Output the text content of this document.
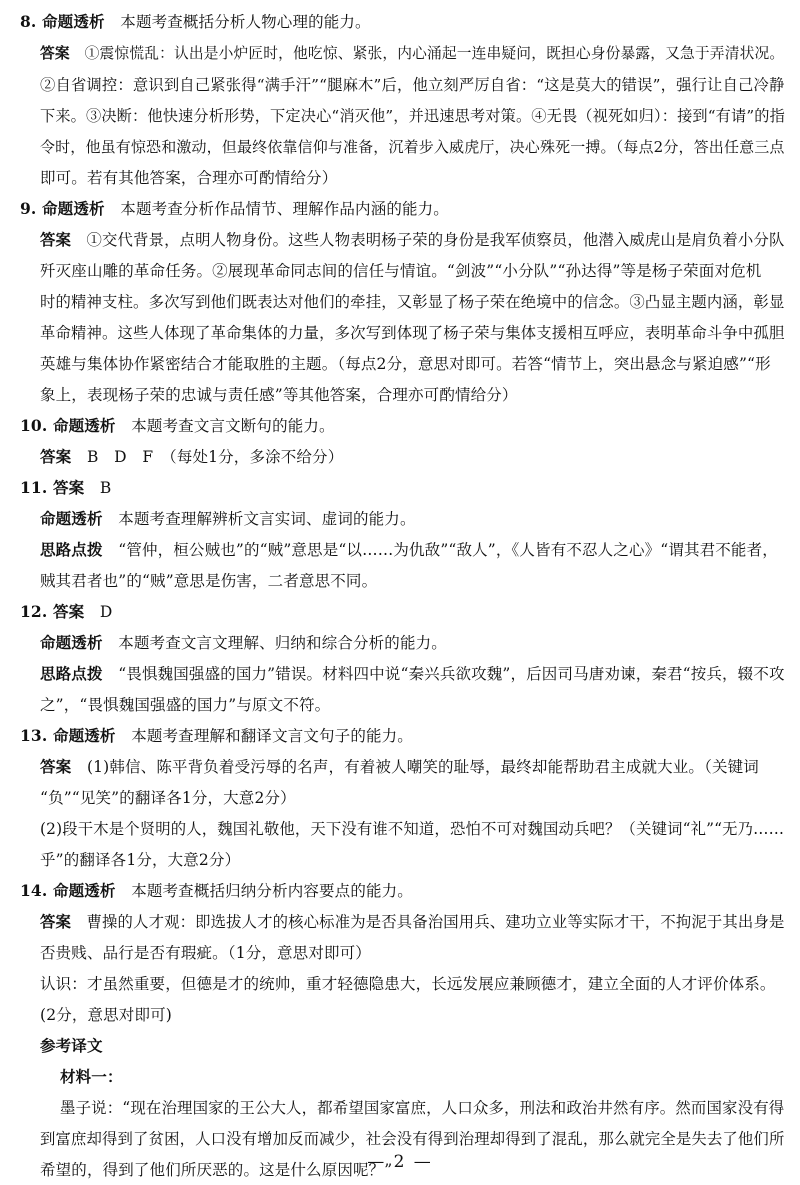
8. 命题透析　本题考查概括分析人物心理的能力。
答案　①震惊慌乱：认出是小炉匠时，他吃惊、紧张，内心涌起一连串疑问，既担心身份暴露，又急于弄清状况。
②自省调控：意识到自己紧张得“满手汗”“腿麻木”后，他立刻严厉自省：“这是莫大的错误”，强行让自己冷静
下来。③决断：他快速分析形势，下定决心“消灭他”，并迅速思考对策。④无畏（视死如归）：接到“有请”的指
令时，他虽有惊恐和激动，但最终依靠信仰与准备，沉着步入威虎厅，决心殊死一搏。（每点2分，答出任意三点
即可。若有其他答案，合理亦可酌情给分）
9. 命题透析　本题考查分析作品情节、理解作品内涵的能力。
答案　①交代背景，点明人物身份。这些人物表明杨子荣的身份是我军侦察员，他潜入威虎山是肩负着小分队
歼灭座山雕的革命任务。②展现革命同志间的信任与情谊。“剑波”“小分队”“孙达得”等是杨子荣面对危机
时的精神支柱。多次写到他们既表达对他们的牵挂，又彰显了杨子荣在绝境中的信念。③凸显主题内涵，彰显
革命精神。这些人体现了革命集体的力量，多次写到体现了杨子荣与集体支援相互呼应，表明革命斗争中孤胆
英雄与集体协作紧密结合才能取胜的主题。（每点2分，意思对即可。若答“情节上，突出悬念与紧迫感”“形
象上，表现杨子荣的忠诚与责任感”等其他答案，合理亦可酌情给分）
10. 命题透析　本题考查文言文断句的能力。
答案　B　D　F　（每处1分，多涂不给分）
11. 答案　B
命题透析　本题考查理解辨析文言实词、虚词的能力。
思路点拨　“管仲，桓公贼也”的“贼”意思是“以……为仇敌”“敌人”，《人皆有不忍人之心》“谓其君不能者，
贼其君者也”的“贼”意思是伤害，二者意思不同。
12. 答案　D
命题透析　本题考查文言文理解、归纳和综合分析的能力。
思路点拨　“畏惧魏国强盛的国力”错误。材料四中说“秦兴兵欲攻魏”，后因司马唐劝谏，秦君“按兵，辍不攻
之”，“畏惧魏国强盛的国力”与原文不符。
13. 命题透析　本题考查理解和翻译文言文句子的能力。
答案　(1)韩信、陈平背负着受污辱的名声，有着被人嘲笑的耻辱，最终却能帮助君主成就大业。（关键词
“负”“见笑”的翻译各1分，大意2分）
(2)段干木是个贤明的人，魏国礼敬他，天下没有谁不知道，恐怕不可对魏国动兵吧？（关键词“礼”“无乃……
乎”的翻译各1分，大意2分）
14. 命题透析　本题考查概括归纳分析内容要点的能力。
答案　曹操的人才观：即选拔人才的核心标准为是否具备治国用兵、建功立业等实际才干，不拘泥于其出身是
否贵贱、品行是否有瑕疵。（1分，意思对即可）
认识：才虽然重要，但德是才的统帅，重才轻德隐患大，长远发展应兼顾德才，建立全面的人才评价体系。
(2分，意思对即可)
参考译文
材料一：
墨子说：“现在治理国家的王公大人，都希望国家富庶，人口众多，刑法和政治井然有序。然而国家没有得
到富庶却得到了贫困，人口没有增加反而减少，社会没有得到治理却得到了混乱，那么就完全是失去了他们所
希望的，得到了他们所厌恶的。这是什么原因呢？”
— 2 —
